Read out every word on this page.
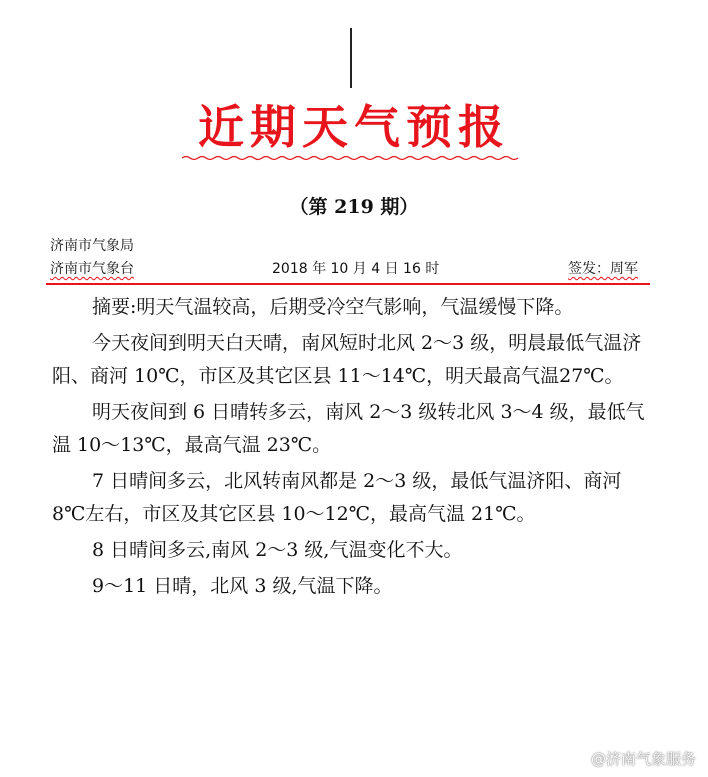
近期天气预报
（第 219 期）
济南市气象局
济南市气象台	2018 年 10 月 4 日 16 时	签发：周军

摘要:明天气温较高，后期受冷空气影响，气温缓慢下降。

今天夜间到明天白天晴，南风短时北风 2～3 级，明晨最低气温济阳、商河 10℃，市区及其它区县 11～14℃，明天最高气温27℃。

明天夜间到 6 日晴转多云，南风 2～3 级转北风 3～4 级，最低气温 10～13℃，最高气温 23℃。

7 日晴间多云，北风转南风都是 2～3 级，最低气温济阳、商河 8℃左右，市区及其它区县 10～12℃，最高气温 21℃。

8 日晴间多云,南风 2～3 级,气温变化不大。

9～11 日晴，北风 3 级,气温下降。

@济南气象服务
